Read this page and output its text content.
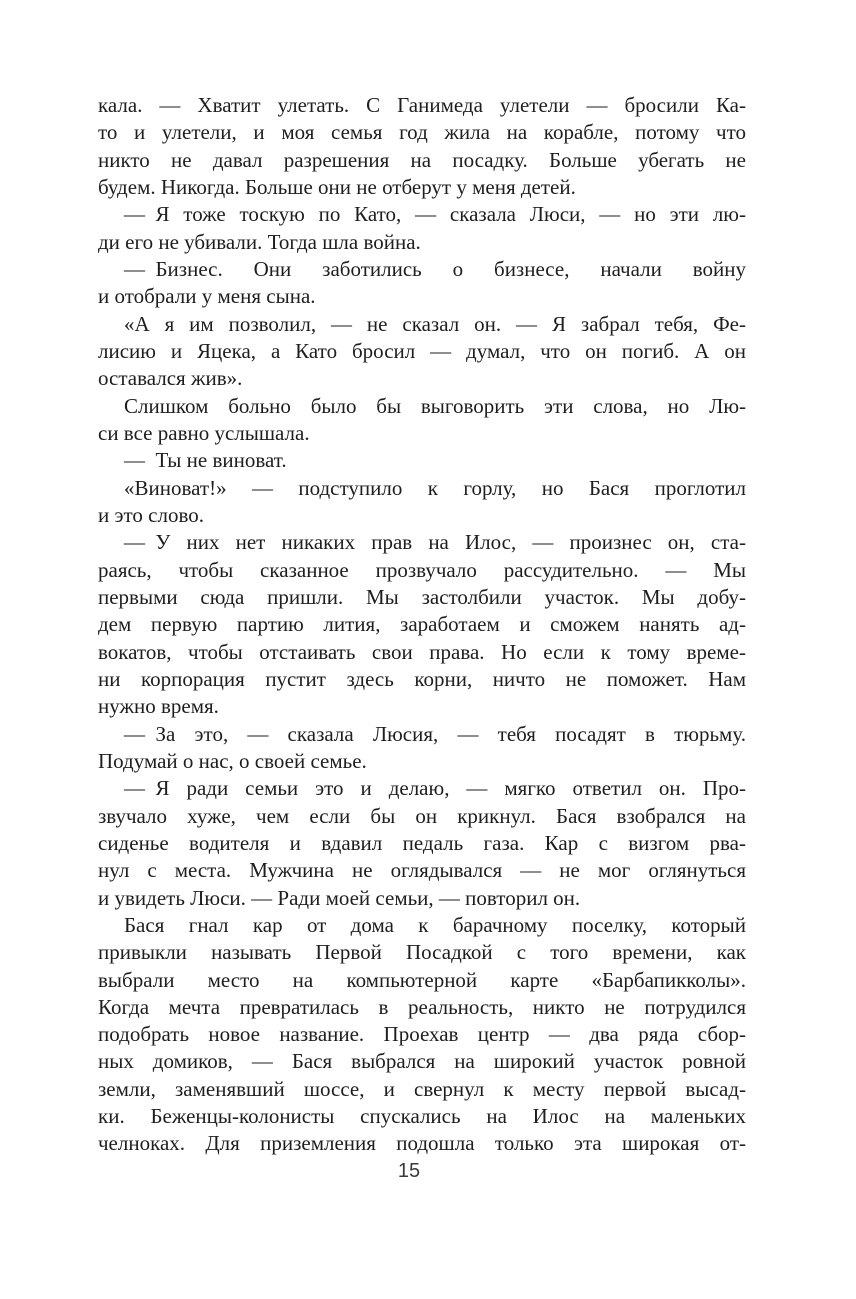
кала. — Хватит улетать. С Ганимеда улетели — бросили Ка-
то и улетели, и моя семья год жила на корабле, потому что
никто не давал разрешения на посадку. Больше убегать не
будем. Никогда. Больше они не отберут у меня детей.
— Я тоже тоскую по Като, — сказала Люси, — но эти лю-
ди его не убивали. Тогда шла война.
— Бизнес. Они заботились о бизнесе, начали войну
и отобрали у меня сына.
«А я им позволил, — не сказал он. — Я забрал тебя, Фе-
лисию и Яцека, а Като бросил — думал, что он погиб. А он
оставался жив».
Слишком больно было бы выговорить эти слова, но Лю-
си все равно услышала.
— Ты не виноват.
«Виноват!» — подступило к горлу, но Бася проглотил
и это слово.
— У них нет никаких прав на Илос, — произнес он, ста-
раясь, чтобы сказанное прозвучало рассудительно. — Мы
первыми сюда пришли. Мы застолбили участок. Мы добу-
дем первую партию лития, заработаем и сможем нанять ад-
вокатов, чтобы отстаивать свои права. Но если к тому време-
ни корпорация пустит здесь корни, ничто не поможет. Нам
нужно время.
— За это, — сказала Люсия, — тебя посадят в тюрьму.
Подумай о нас, о своей семье.
— Я ради семьи это и делаю, — мягко ответил он. Про-
звучало хуже, чем если бы он крикнул. Бася взобрался на
сиденье водителя и вдавил педаль газа. Кар с визгом рва-
нул с места. Мужчина не оглядывался — не мог оглянуться
и увидеть Люси. — Ради моей семьи, — повторил он.
Бася гнал кар от дома к барачному поселку, который
привыкли называть Первой Посадкой с того времени, как
выбрали место на компьютерной карте «Барбапикколы».
Когда мечта превратилась в реальность, никто не потрудился
подобрать новое название. Проехав центр — два ряда сбор-
ных домиков, — Бася выбрался на широкий участок ровной
земли, заменявший шоссе, и свернул к месту первой высад-
ки. Беженцы-колонисты спускались на Илос на маленьких
челноках. Для приземления подошла только эта широкая от-
15
